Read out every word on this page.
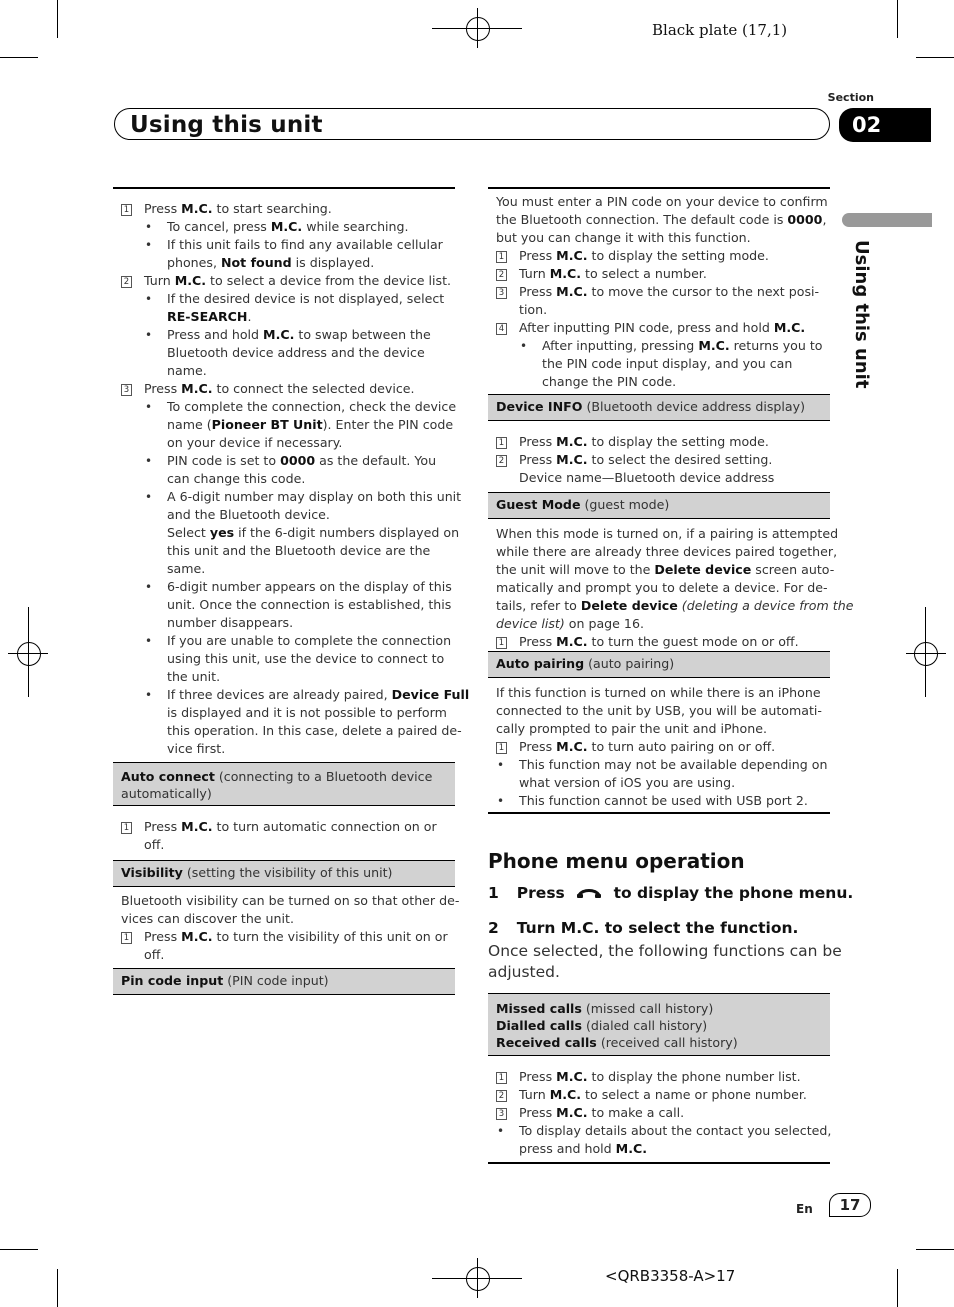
Black plate (17,1)
Using this unit
Section
02
Using this unit
1 Press M.C. to start searching.
• To cancel, press M.C. while searching.
• If this unit fails to find any available cellular
phones, Not found is displayed.
2 Turn M.C. to select a device from the device list.
• If the desired device is not displayed, select
RE-SEARCH.
• Press and hold M.C. to swap between the
Bluetooth device address and the device
name.
3 Press M.C. to connect the selected device.
• To complete the connection, check the device
name (Pioneer BT Unit). Enter the PIN code
on your device if necessary.
• PIN code is set to 0000 as the default. You
can change this code.
• A 6-digit number may display on both this unit
and the Bluetooth device.
Select yes if the 6-digit numbers displayed on
this unit and the Bluetooth device are the
same.
• 6-digit number appears on the display of this
unit. Once the connection is established, this
number disappears.
• If you are unable to complete the connection
using this unit, use the device to connect to
the unit.
• If three devices are already paired, Device Full
is displayed and it is not possible to perform
this operation. In this case, delete a paired de-
vice first.
Auto connect (connecting to a Bluetooth device
automatically)
1 Press M.C. to turn automatic connection on or
off.
Visibility (setting the visibility of this unit)
Bluetooth visibility can be turned on so that other de-
vices can discover the unit.
1 Press M.C. to turn the visibility of this unit on or
off.
Pin code input (PIN code input)
You must enter a PIN code on your device to confirm
the Bluetooth connection. The default code is 0000,
but you can change it with this function.
1 Press M.C. to display the setting mode.
2 Turn M.C. to select a number.
3 Press M.C. to move the cursor to the next posi-
tion.
4 After inputting PIN code, press and hold M.C.
• After inputting, pressing M.C. returns you to
the PIN code input display, and you can
change the PIN code.
Device INFO (Bluetooth device address display)
1 Press M.C. to display the setting mode.
2 Press M.C. to select the desired setting.
Device name—Bluetooth device address
Guest Mode (guest mode)
When this mode is turned on, if a pairing is attempted
while there are already three devices paired together,
the unit will move to the Delete device screen auto-
matically and prompt you to delete a device. For de-
tails, refer to Delete device (deleting a device from the
device list) on page 16.
1 Press M.C. to turn the guest mode on or off.
Auto pairing (auto pairing)
If this function is turned on while there is an iPhone
connected to the unit by USB, you will be automati-
cally prompted to pair the unit and iPhone.
1 Press M.C. to turn auto pairing on or off.
• This function may not be available depending on
what version of iOS you are using.
• This function cannot be used with USB port 2.
Phone menu operation
1 Press	to display the phone menu.
2 Turn M.C. to select the function.
Once selected, the following functions can be
adjusted.
Missed calls (missed call history)
Dialled calls (dialed call history)
Received calls (received call history)
1 Press M.C. to display the phone number list.
2 Turn M.C. to select a name or phone number.
3 Press M.C. to make a call.
• To display details about the contact you selected,
press and hold M.C.
En	17
<QRB3358-A>17
